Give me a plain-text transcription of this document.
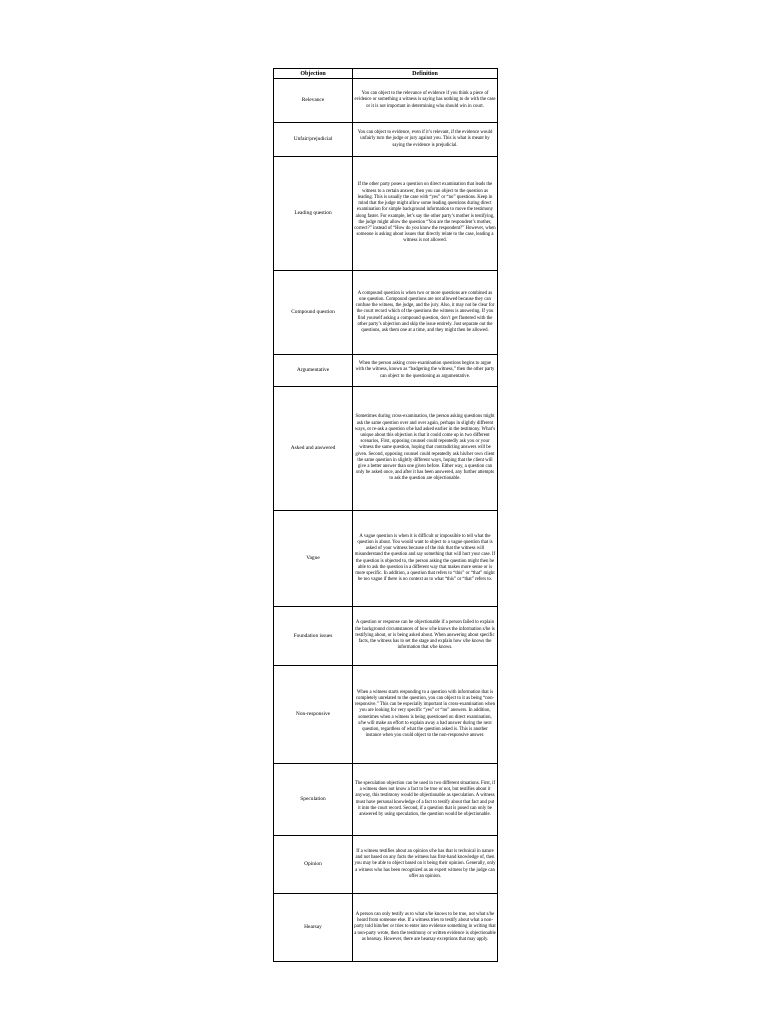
Objection	Definition
Relevance	You can object to the relevance of evidence if you think a piece of evidence or something a witness is saying has nothing to do with the case or it is not important in determining who should win in court.
Unfair/prejudicial	You can object to evidence, even if it’s relevant, if the evidence would unfairly turn the judge or jury against you. This is what is meant by saying the evidence is prejudicial.
Leading question	If the other party poses a question on direct examination that leads the witness to a certain answer, then you can object to the question as leading. This is usually the case with “yes” or “no” questions. Keep in mind that the judge might allow some leading questions during direct examination for simple background information to move the testimony along faster. For example, let’s say the other party’s mother is testifying, the judge might allow the question “You are the respondent’s mother, correct?” instead of “How do you know the respondent?” However, when someone is asking about issues that directly relate to the case, leading a witness is not allowed.
Compound question	A compound question is when two or more questions are combined as one question. Compound questions are not allowed because they can confuse the witness, the judge, and the jury. Also, it may not be clear for the court record which of the questions the witness is answering. If you find yourself asking a compound question, don’t get flustered with the other party’s objection and skip the issue entirely. Just separate out the questions, ask them one at a time, and they might then be allowed.
Argumentative	When the person asking cross-examination questions begins to argue with the witness, known as “badgering the witness,” then the other party can object to the questioning as argumentative.
Asked and answered	Sometimes during cross-examination, the person asking questions might ask the same question over and over again, perhaps in slightly different ways, or re-ask a question s/he had asked earlier in the testimony. What’s unique about this objection is that it could come up in two different scenarios, First, opposing counsel could repeatedly ask you or your witness the same question, hoping that contradicting answers will be given. Second, opposing counsel could repeatedly ask his/her own client the same question in slightly different ways, hoping that the client will give a better answer than one given before. Either way, a question can only be asked once, and after it has been answered, any further attempts to ask the question are objectionable.
Vague	A vague question is when it is difficult or impossible to tell what the question is about. You would want to object to a vague question that is asked of your witness because of the risk that the witness will misunderstand the question and say something that will hurt your case. If the question is objected to, the person asking the question might then be able to ask the question in a different way that makes more sense or is more specific. In addition, a question that refers to “this” or “that” might be too vague if there is no context as to what “this” or “that” refers to.
Foundation issues	A question or response can be objectionable if a person failed to explain the background circumstances of how s/he knows the information s/he is testifying about, or is being asked about. When answering about specific facts, the witness has to set the stage and explain how s/he knows the information that s/he knows.
Non-responsive	When a witness starts responding to a question with information that is completely unrelated to the question, you can object to it as being “non-responsive.” This can be especially important in cross-examination when you are looking for very specific “yes” or “no” answers. In addition, sometimes when a witness is being questioned on direct examination, s/he will make an effort to explain away a bad answer during the next question, regardless of what the question asked is. This is another instance when you could object to the non-responsive answer.
Speculation	The speculation objection can be used in two different situations. First, if a witness does not know a fact to be true or not, but testifies about it anyway, this testimony would be objectionable as speculation. A witness must have personal knowledge of a fact to testify about that fact and put it into the court record. Second, if a question that is posed can only be answered by using speculation, the question would be objectionable.
Opinion	If a witness testifies about an opinion s/he has that is technical in nature and not based on any facts the witness has first-hand knowledge of, then you may be able to object based on it being their opinion. Generally, only a witness who has been recognized as an expert witness by the judge can offer an opinion.
Hearsay	A person can only testify as to what s/he knows to be true, not what s/he heard from someone else. If a witness tries to testify about what a non-party told him/her or tries to enter into evidence something in writing that a non-party wrote, then the testimony or written evidence is objectionable as hearsay. However, there are hearsay exceptions that may apply.
